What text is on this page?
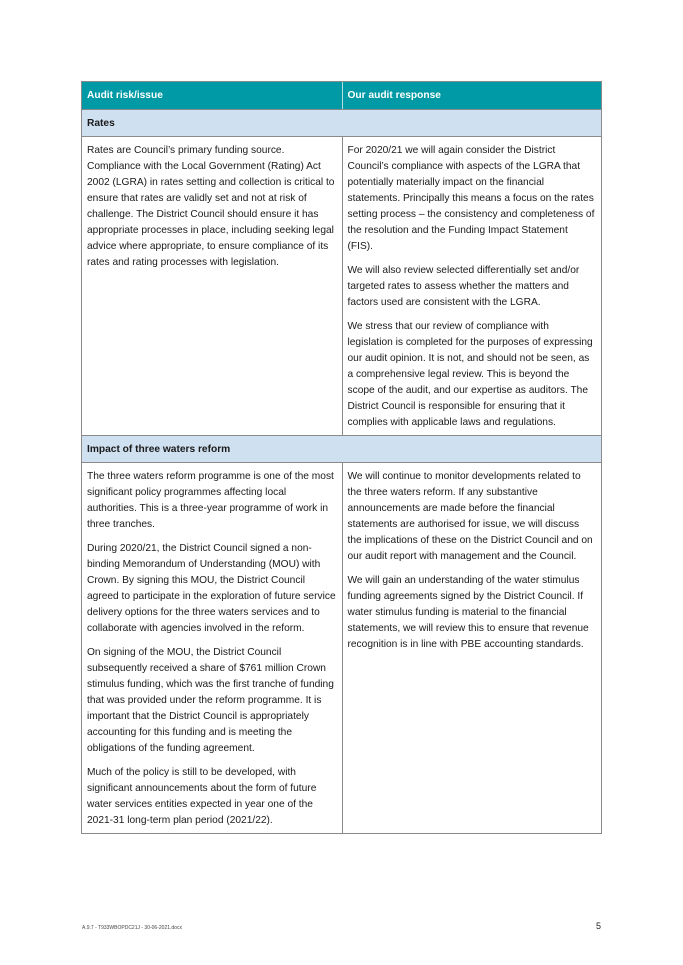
Audit risk/issue	Our audit response
Rates

Rates are Council’s primary funding source. Compliance with the Local Government (Rating) Act 2002 (LGRA) in rates setting and collection is critical to ensure that rates are validly set and not at risk of challenge. The District Council should ensure it has appropriate processes in place, including seeking legal advice where appropriate, to ensure compliance of its rates and rating processes with legislation.

For 2020/21 we will again consider the District Council’s compliance with aspects of the LGRA that potentially materially impact on the financial statements. Principally this means a focus on the rates setting process – the consistency and completeness of the resolution and the Funding Impact Statement (FIS).

We will also review selected differentially set and/or targeted rates to assess whether the matters and factors used are consistent with the LGRA.

We stress that our review of compliance with legislation is completed for the purposes of expressing our audit opinion. It is not, and should not be seen, as a comprehensive legal review. This is beyond the scope of the audit, and our expertise as auditors. The District Council is responsible for ensuring that it complies with applicable laws and regulations.

Impact of three waters reform

The three waters reform programme is one of the most significant policy programmes affecting local authorities. This is a three-year programme of work in three tranches.

During 2020/21, the District Council signed a non-binding Memorandum of Understanding (MOU) with Crown. By signing this MOU, the District Council agreed to participate in the exploration of future service delivery options for the three waters services and to collaborate with agencies involved in the reform.

On signing of the MOU, the District Council subsequently received a share of $761 million Crown stimulus funding, which was the first tranche of funding that was provided under the reform programme. It is important that the District Council is appropriately accounting for this funding and is meeting the obligations of the funding agreement.

Much of the policy is still to be developed, with significant announcements about the form of future water services entities expected in year one of the 2021-31 long-term plan period (2021/22).

We will continue to monitor developments related to the three waters reform. If any substantive announcements are made before the financial statements are authorised for issue, we will discuss the implications of these on the District Council and on our audit report with management and the Council.

We will gain an understanding of the water stimulus funding agreements signed by the District Council. If water stimulus funding is material to the financial statements, we will review this to ensure that revenue recognition is in line with PBE accounting standards.

A.9.7 - T933WBOPDC21J - 30-06-2021.docx	5
